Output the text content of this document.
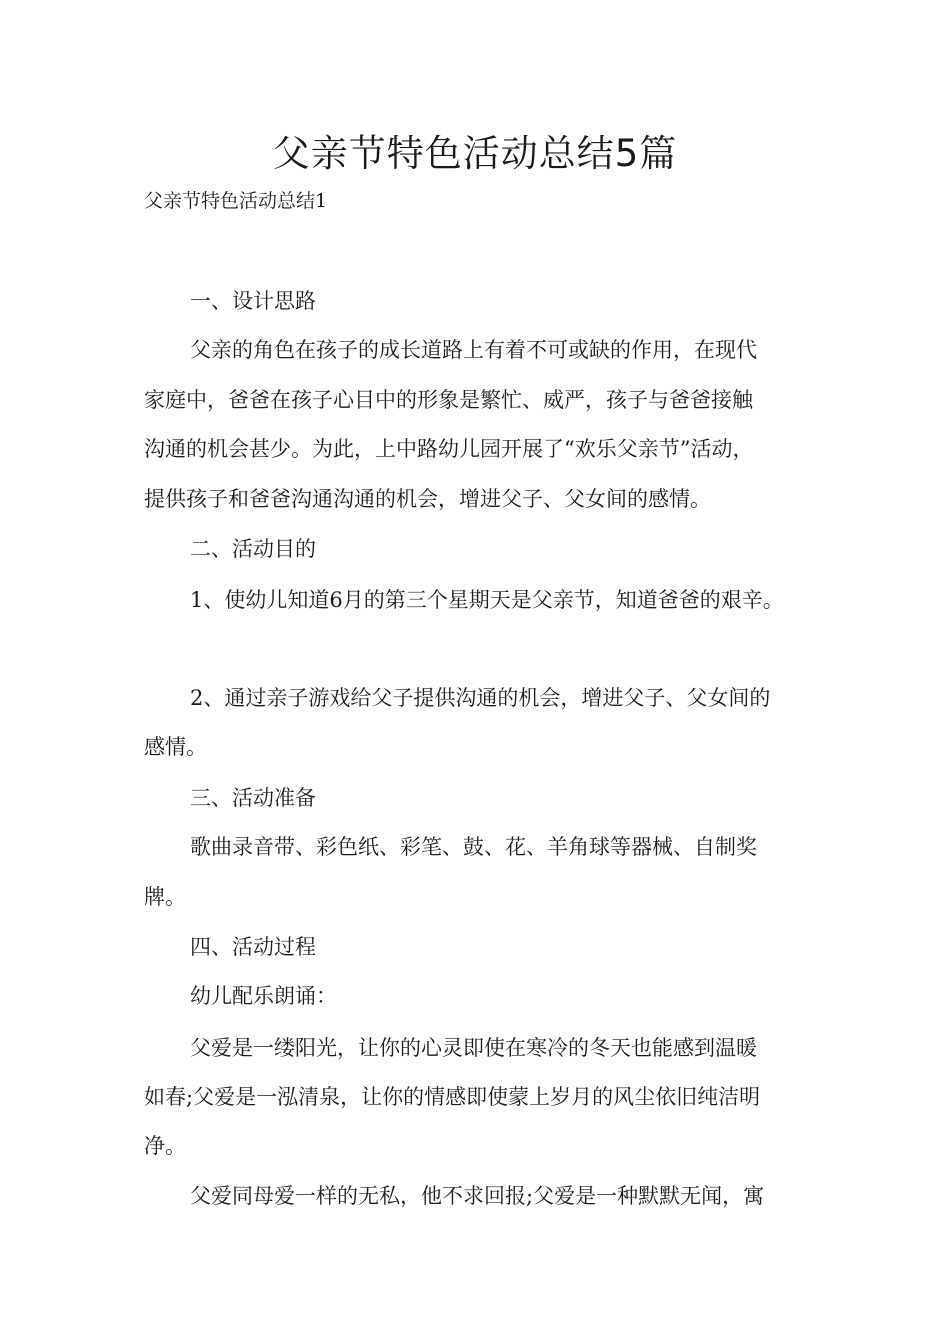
父亲节特色活动总结5篇
父亲节特色活动总结1
一、设计思路
父亲的角色在孩子的成长道路上有着不可或缺的作用，在现代
家庭中，爸爸在孩子心目中的形象是繁忙、威严，孩子与爸爸接触
沟通的机会甚少。为此，上中路幼儿园开展了“欢乐父亲节”活动，
提供孩子和爸爸沟通沟通的机会，增进父子、父女间的感情。
二、活动目的
1、使幼儿知道6月的第三个星期天是父亲节，知道爸爸的艰辛。
2、通过亲子游戏给父子提供沟通的机会，增进父子、父女间的
感情。
三、活动准备
歌曲录音带、彩色纸、彩笔、鼓、花、羊角球等器械、自制奖
牌。
四、活动过程
幼儿配乐朗诵：
父爱是一缕阳光，让你的心灵即使在寒冷的冬天也能感到温暖
如春;父爱是一泓清泉，让你的情感即使蒙上岁月的风尘依旧纯洁明
净。
父爱同母爱一样的无私，他不求回报;父爱是一种默默无闻，寓
